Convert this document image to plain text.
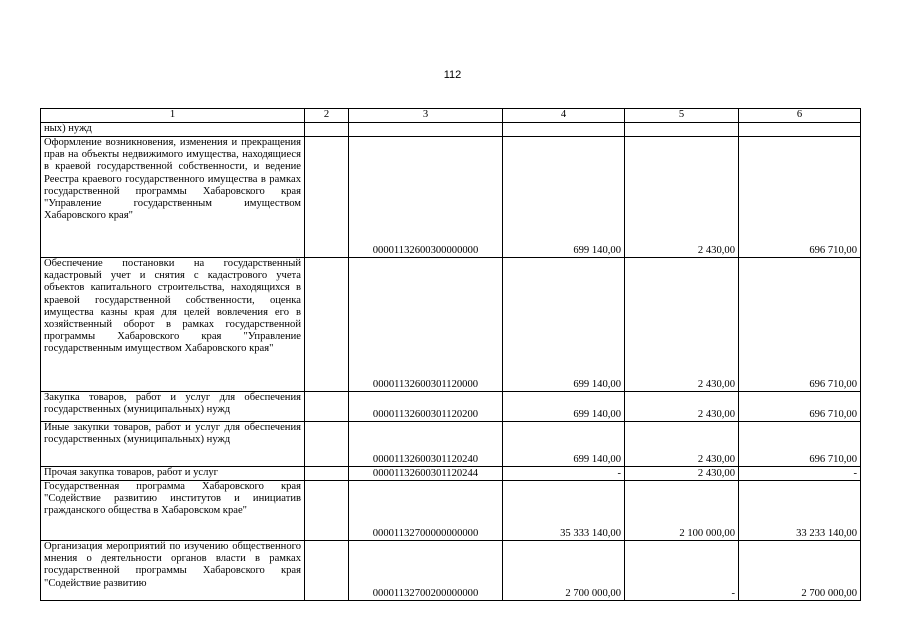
112
1	2	3	4	5	6
ных) нужд					
Оформление возникновения, изменения и прекращения прав на объекты недвижимого имущества, находящиеся в краевой государственной собственности, и ведение Реестра краевого государственного имущества в рамках государственной программы Хабаровского края "Управление государственным имуществом Хабаровского края"		00001132600300000000	699 140,00	2 430,00	696 710,00
Обеспечение постановки на государственный кадастровый учет и снятия с кадастрового учета объектов капитального строительства, находящихся в краевой государственной собственности, оценка имущества казны края для целей вовлечения его в хозяйственный оборот в рамках государственной программы Хабаровского края "Управление государственным имуществом Хабаровского края"		00001132600301120000	699 140,00	2 430,00	696 710,00
Закупка товаров, работ и услуг для обеспечения государственных (муниципальных) нужд		00001132600301120200	699 140,00	2 430,00	696 710,00
Иные закупки товаров, работ и услуг для обеспечения государственных (муниципальных) нужд		00001132600301120240	699 140,00	2 430,00	696 710,00
Прочая закупка товаров, работ и услуг		00001132600301120244	-	2 430,00	-
Государственная программа Хабаровского края "Содействие развитию институтов и инициатив гражданского общества в Хабаровском крае"		00001132700000000000	35 333 140,00	2 100 000,00	33 233 140,00
Организация мероприятий по изучению общественного мнения о деятельности органов власти в рамках государственной программы Хабаровского края "Содействие развитию		00001132700200000000	2 700 000,00	-	2 700 000,00
